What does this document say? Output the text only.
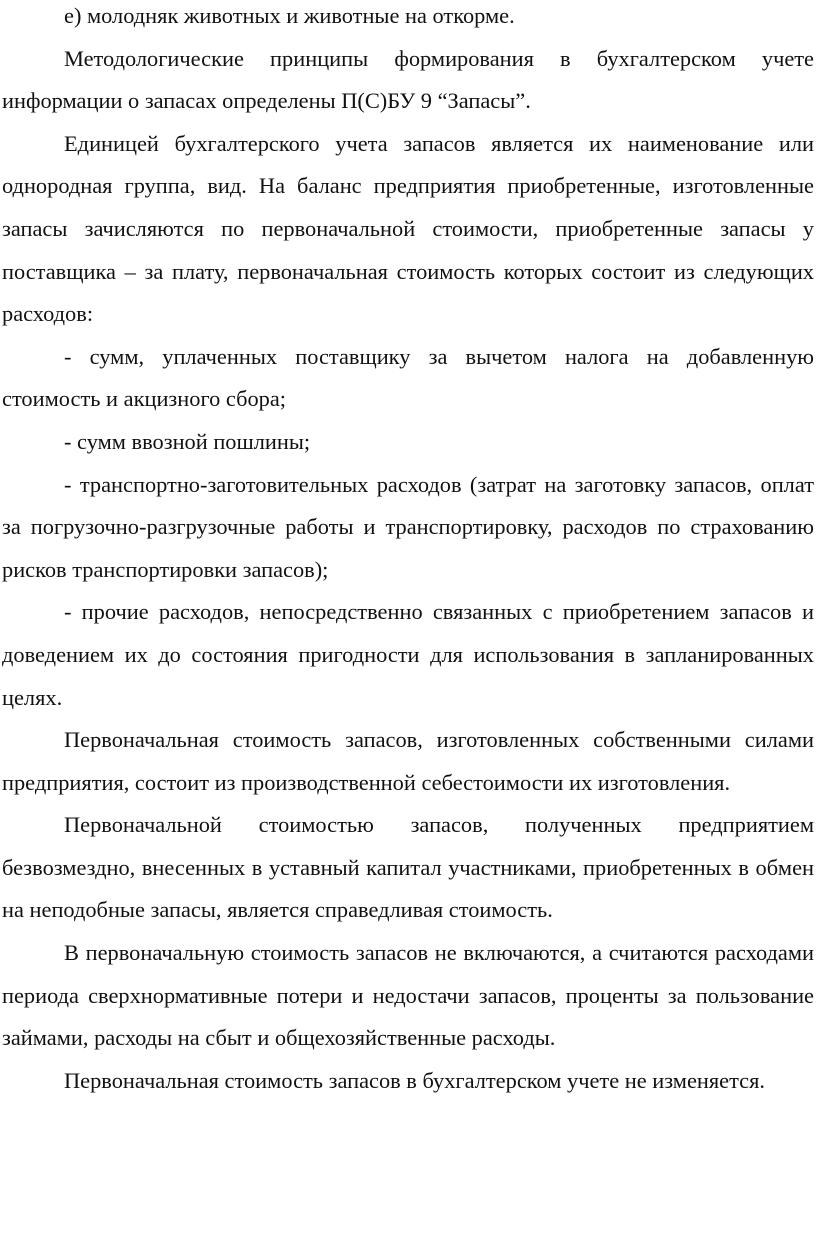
е) молодняк животных и животные на откорме.

Методологические принципы формирования в бухгалтерском учете информации о запасах определены П(С)БУ 9 “Запасы”.

Единицей бухгалтерского учета запасов является их наименование или однородная группа, вид. На баланс предприятия приобретенные, изготовленные запасы зачисляются по первоначальной стоимости, приобретенные запасы у поставщика – за плату, первоначальная стоимость которых состоит из следующих расходов:

- сумм, уплаченных поставщику за вычетом налога на добавленную стоимость и акцизного сбора;

- сумм ввозной пошлины;

- транспортно-заготовительных расходов (затрат на заготовку запасов, оплат за погрузочно-разгрузочные работы и транспортировку, расходов по страхованию рисков транспортировки запасов);

- прочие расходов, непосредственно связанных с приобретением запасов и доведением их до состояния пригодности для использования в запланированных целях.

Первоначальная стоимость запасов, изготовленных собственными силами предприятия, состоит из производственной себестоимости их изготовления.

Первоначальной стоимостью запасов, полученных предприятием безвозмездно, внесенных в уставный капитал участниками, приобретенных в обмен на неподобные запасы, является справедливая стоимость.

В первоначальную стоимость запасов не включаются, а считаются расходами периода сверхнормативные потери и недостачи запасов, проценты за пользование займами, расходы на сбыт и общехозяйственные расходы.

Первоначальная стоимость запасов в бухгалтерском учете не изменяется.
